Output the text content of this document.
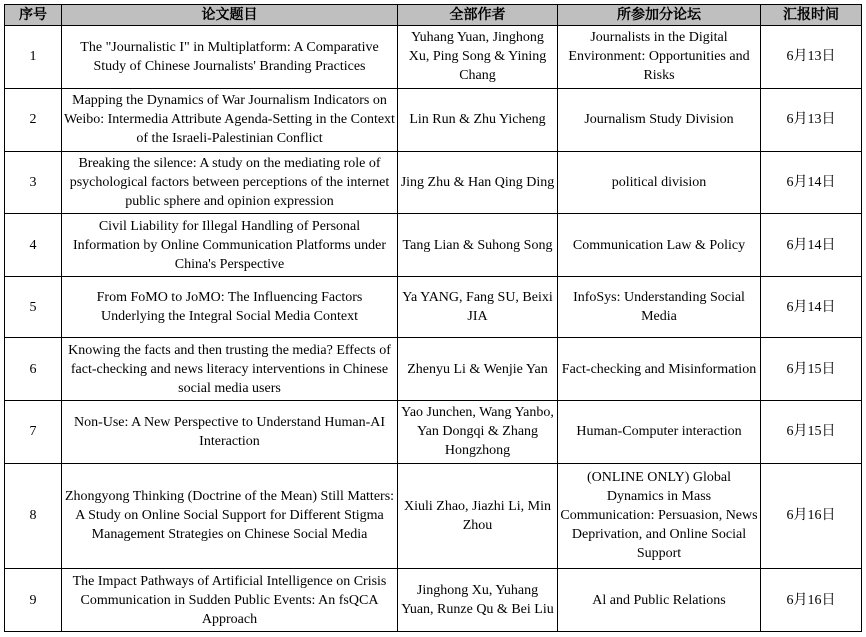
序号	论文题目	全部作者	所参加分论坛	汇报时间
1	The "Journalistic I" in Multiplatform: A Comparative Study of Chinese Journalists' Branding Practices	Yuhang Yuan, Jinghong Xu, Ping Song & Yining Chang	Journalists in the Digital Environment: Opportunities and Risks	6月13日
2	Mapping the Dynamics of War Journalism Indicators on Weibo: Intermedia Attribute Agenda-Setting in the Context of the Israeli-Palestinian Conflict	Lin Run & Zhu Yicheng	Journalism Study Division	6月13日
3	Breaking the silence: A study on the mediating role of psychological factors between perceptions of the internet public sphere and opinion expression	Jing Zhu & Han Qing Ding	political division	6月14日
4	Civil Liability for Illegal Handling of Personal Information by Online Communication Platforms under China's Perspective	Tang Lian & Suhong Song	Communication Law & Policy	6月14日
5	From FoMO to JoMO: The Influencing Factors Underlying the Integral Social Media Context	Ya YANG, Fang SU, Beixi JIA	InfoSys: Understanding Social Media	6月14日
6	Knowing the facts and then trusting the media? Effects of fact-checking and news literacy interventions in Chinese social media users	Zhenyu Li & Wenjie Yan	Fact-checking and Misinformation	6月15日
7	Non-Use: A New Perspective to Understand Human-AI Interaction	Yao Junchen, Wang Yanbo, Yan Dongqi & Zhang Hongzhong	Human-Computer interaction	6月15日
8	Zhongyong Thinking (Doctrine of the Mean) Still Matters: A Study on Online Social Support for Different Stigma Management Strategies on Chinese Social Media	Xiuli Zhao, Jiazhi Li, Min Zhou	(ONLINE ONLY) Global Dynamics in Mass Communication: Persuasion, News Deprivation, and Online Social Support	6月16日
9	The Impact Pathways of Artificial Intelligence on Crisis Communication in Sudden Public Events: An fsQCA Approach	Jinghong Xu, Yuhang Yuan, Runze Qu & Bei Liu	Al and Public Relations	6月16日
